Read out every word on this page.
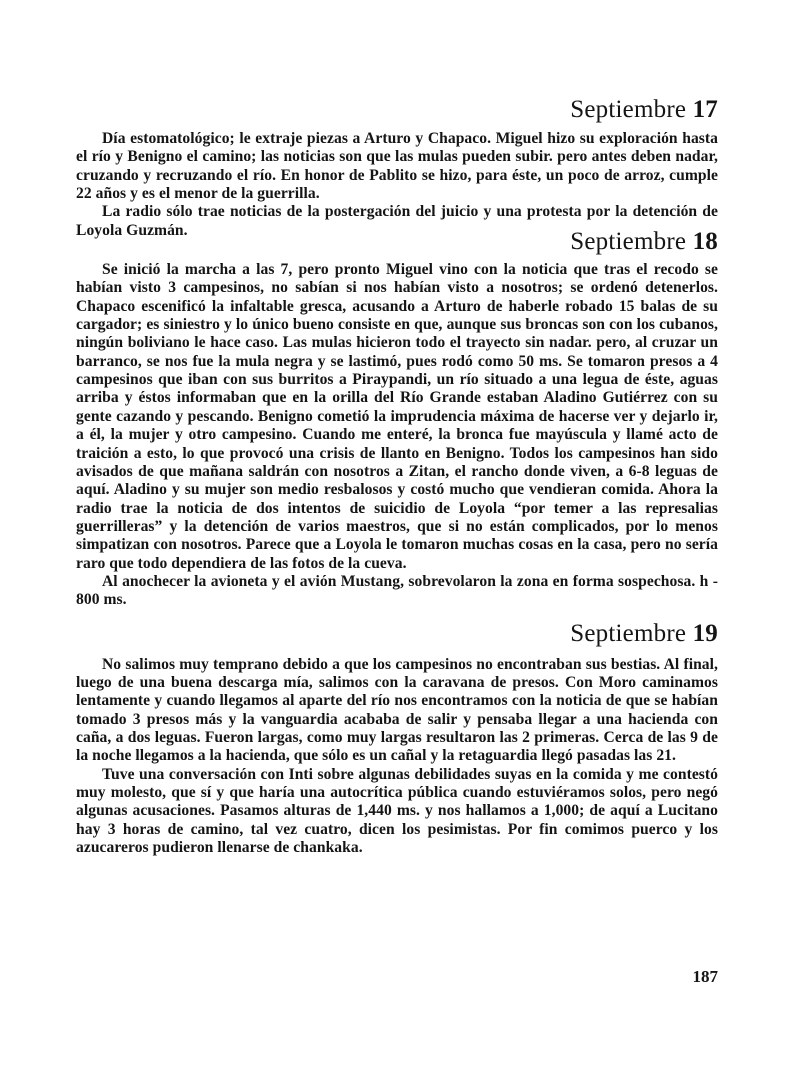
Septiembre 17

Día estomatológico; le extraje piezas a Arturo y Chapaco. Miguel hizo su exploración hasta el río y Benigno el camino; las noticias son que las mulas pueden subir. pero antes deben nadar, cruzando y recruzando el río. En honor de Pablito se hizo, para éste, un poco de arroz, cumple 22 años y es el menor de la guerrilla.

La radio sólo trae noticias de la postergación del juicio y una protesta por la detención de Loyola Guzmán.	Septiembre 18

Se inició la marcha a las 7, pero pronto Miguel vino con la noticia que tras el recodo se habían visto 3 campesinos, no sabían si nos habían visto a nosotros; se ordenó detenerlos. Chapaco escenificó la infaltable gresca, acusando a Arturo de haberle robado 15 balas de su cargador; es siniestro y lo único bueno consiste en que, aunque sus broncas son con los cubanos, ningún boliviano le hace caso. Las mulas hicieron todo el trayecto sin nadar. pero, al cruzar un barranco, se nos fue la mula negra y se lastimó, pues rodó como 50 ms. Se tomaron presos a 4 campesinos que iban con sus burritos a Piraypandi, un río situado a una legua de éste, aguas arriba y éstos informaban que en la orilla del Río Grande estaban Aladino Gutiérrez con su gente cazando y pescando. Benigno cometió la imprudencia máxima de hacerse ver y dejarlo ir, a él, la mujer y otro campesino. Cuando me enteré, la bronca fue mayúscula y llamé acto de traición a esto, lo que provocó una crisis de llanto en Benigno. Todos los campesinos han sido avisados de que mañana saldrán con nosotros a Zitan, el rancho donde viven, a 6-8 leguas de aquí. Aladino y su mujer son medio resbalosos y costó mucho que vendieran comida. Ahora la radio trae la noticia de dos intentos de suicidio de Loyola “por temer a las represalias guerrilleras” y la detención de varios maestros, que si no están complicados, por lo menos simpatizan con nosotros. Parece que a Loyola le tomaron muchas cosas en la casa, pero no sería raro que todo dependiera de las fotos de la cueva.

Al anochecer la avioneta y el avión Mustang, sobrevolaron la zona en forma sospechosa. h - 800 ms.

Septiembre 19

No salimos muy temprano debido a que los campesinos no encontraban sus bestias. Al final, luego de una buena descarga mía, salimos con la caravana de presos. Con Moro caminamos lentamente y cuando llegamos al aparte del río nos encontramos con la noticia de que se habían tomado 3 presos más y la vanguardia acababa de salir y pensaba llegar a una hacienda con caña, a dos leguas. Fueron largas, como muy largas resultaron las 2 primeras. Cerca de las 9 de la noche llegamos a la hacienda, que sólo es un cañal y la retaguardia llegó pasadas las 21.

Tuve una conversación con Inti sobre algunas debilidades suyas en la comida y me contestó muy molesto, que sí y que haría una autocrítica pública cuando estuviéramos solos, pero negó algunas acusaciones. Pasamos alturas de 1,440 ms. y nos hallamos a 1,000; de aquí a Lucitano hay 3 horas de camino, tal vez cuatro, dicen los pesimistas. Por fin comimos puerco y los azucareros pudieron llenarse de chankaka.

187
